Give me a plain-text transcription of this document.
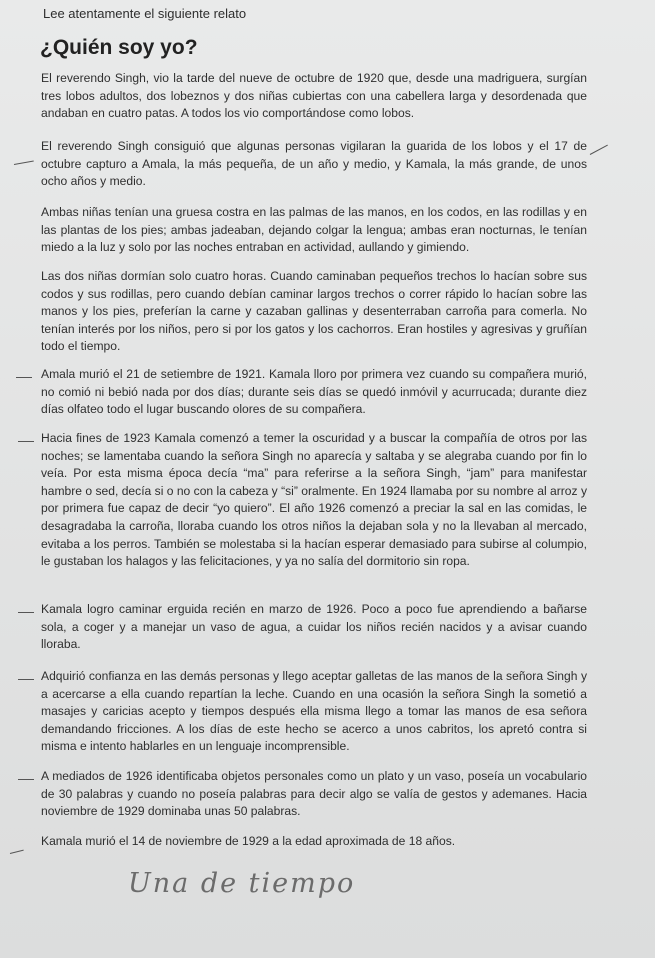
Lee atentamente el siguiente relato
¿Quién soy yo?

El reverendo Singh, vio la tarde del nueve de octubre de 1920 que, desde una madriguera, surgían tres lobos adultos, dos lobeznos y dos niñas cubiertas con una cabellera larga y desordenada que andaban en cuatro patas. A todos los vio comportándose como lobos.

El reverendo Singh consiguió que algunas personas vigilaran la guarida de los lobos y el 17 de octubre capturo a Amala, la más pequeña, de un año y medio, y Kamala, la más grande, de unos ocho años y medio.

Ambas niñas tenían una gruesa costra en las palmas de las manos, en los codos, en las rodillas y en las plantas de los pies; ambas jadeaban, dejando colgar la lengua; ambas eran nocturnas, le tenían miedo a la luz y solo por las noches entraban en actividad, aullando y gimiendo.

Las dos niñas dormían solo cuatro horas. Cuando caminaban pequeños trechos lo hacían sobre sus codos y sus rodillas, pero cuando debían caminar largos trechos o correr rápido lo hacían sobre las manos y los pies, preferían la carne y cazaban gallinas y desenterraban carroña para comerla. No tenían interés por los niños, pero si por los gatos y los cachorros. Eran hostiles y agresivas y gruñían todo el tiempo.

Amala murió el 21 de setiembre de 1921. Kamala lloro por primera vez cuando su compañera murió, no comió ni bebió nada por dos días; durante seis días se quedó inmóvil y acurrucada; durante diez días olfateo todo el lugar buscando olores de su compañera.

Hacia fines de 1923 Kamala comenzó a temer la oscuridad y a buscar la compañía de otros por las noches; se lamentaba cuando la señora Singh no aparecía y saltaba y se alegraba cuando por fin lo veía. Por esta misma época decía “ma” para referirse a la señora Singh, “jam” para manifestar hambre o sed, decía si o no con la cabeza y “si” oralmente. En 1924 llamaba por su nombre al arroz y por primera fue capaz de decir “yo quiero”. El año 1926 comenzó a preciar la sal en las comidas, le desagradaba la carroña, lloraba cuando los otros niños la dejaban sola y no la llevaban al mercado, evitaba a los perros. También se molestaba si la hacían esperar demasiado para subirse al columpio, le gustaban los halagos y las felicitaciones, y ya no salía del dormitorio sin ropa.

Kamala logro caminar erguida recién en marzo de 1926. Poco a poco fue aprendiendo a bañarse sola, a coger y a manejar un vaso de agua, a cuidar los niños recién nacidos y a avisar cuando lloraba.

Adquirió confianza en las demás personas y llego aceptar galletas de las manos de la señora Singh y a acercarse a ella cuando repartían la leche. Cuando en una ocasión la señora Singh la sometió a masajes y caricias acepto y tiempos después ella misma llego a tomar las manos de esa señora demandando fricciones. A los días de este hecho se acerco a unos cabritos, los apretó contra si misma e intento hablarles en un lenguaje incomprensible.

A mediados de 1926 identificaba objetos personales como un plato y un vaso, poseía un vocabulario de 30 palabras y cuando no poseía palabras para decir algo se valía de gestos y ademanes. Hacia noviembre de 1929 dominaba unas 50 palabras.

Kamala murió el 14 de noviembre de 1929 a la edad aproximada de 18 años.

Una de tiempo
